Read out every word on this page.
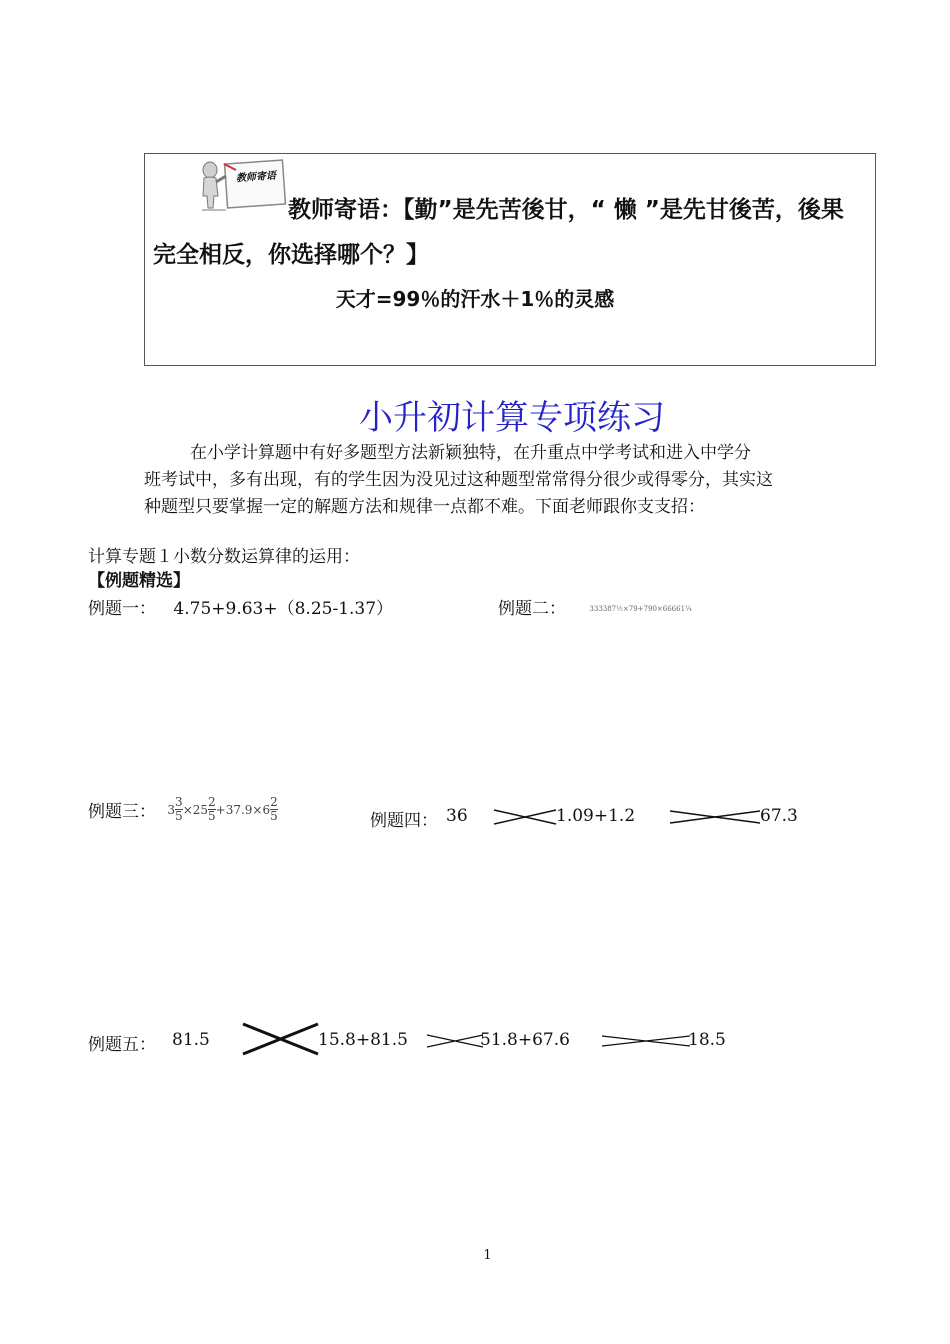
教师寄语
教师寄语：【勤”是先苦後甘，“ 懒 ”是先甘後苦，後果
完全相反，你选择哪个？】
天才=99％的汗水＋1％的灵感
小升初计算专项练习

在小学计算题中有好多题型方法新颖独特，在升重点中学考试和进入中学分

班考试中，多有出现，有的学生因为没见过这种题型常常得分很少或得零分，其实这

种题型只要掌握一定的解题方法和规律一点都不难。下面老师跟你支支招：

计算专题１小数分数运算律的运用：
【例题精选】
例题一： 4.75+9.63+（8.25-1.37）	例题二：	333387½×79+790×66661¼
例题三： $3 \frac{3}{5} \times 25 \frac{2}{5} +37.9\times 6 \frac{2}{5}$	例题四： 36	1.09+1.2	67.3
例题五： 81.5	15.8+81.5	51.8+67.6	18.5
1
